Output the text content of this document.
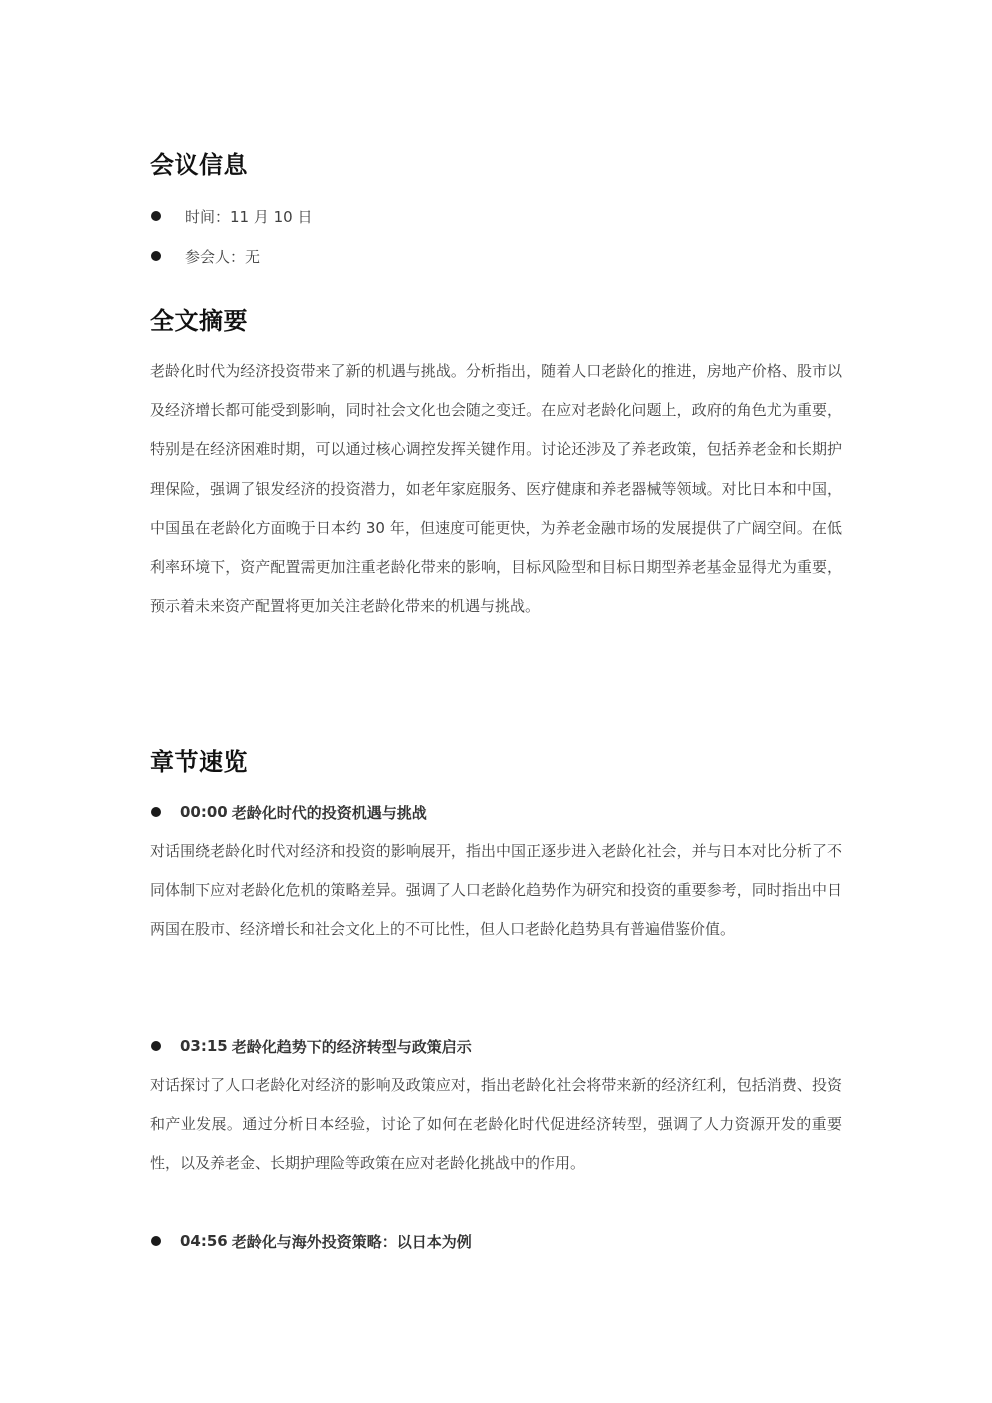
会议信息
时间：11 月 10 日
参会人：无
全文摘要

老龄化时代为经济投资带来了新的机遇与挑战。分析指出，随着人口老龄化的推进，房地产价格、股市以及经济增长都可能受到影响，同时社会文化也会随之变迁。在应对老龄化问题上，政府的角色尤为重要，特别是在经济困难时期，可以通过核心调控发挥关键作用。讨论还涉及了养老政策，包括养老金和长期护理保险，强调了银发经济的投资潜力，如老年家庭服务、医疗健康和养老器械等领域。对比日本和中国，中国虽在老龄化方面晚于日本约 30 年，但速度可能更快，为养老金融市场的发展提供了广阔空间。在低利率环境下，资产配置需更加注重老龄化带来的影响，目标风险型和目标日期型养老基金显得尤为重要，预示着未来资产配置将更加关注老龄化带来的机遇与挑战。

章节速览
00:00 老龄化时代的投资机遇与挑战

对话围绕老龄化时代对经济和投资的影响展开，指出中国正逐步进入老龄化社会，并与日本对比分析了不同体制下应对老龄化危机的策略差异。强调了人口老龄化趋势作为研究和投资的重要参考，同时指出中日两国在股市、经济增长和社会文化上的不可比性，但人口老龄化趋势具有普遍借鉴价值。

03:15 老龄化趋势下的经济转型与政策启示

对话探讨了人口老龄化对经济的影响及政策应对，指出老龄化社会将带来新的经济红利，包括消费、投资和产业发展。通过分析日本经验，讨论了如何在老龄化时代促进经济转型，强调了人力资源开发的重要性，以及养老金、长期护理险等政策在应对老龄化挑战中的作用。

04:56 老龄化与海外投资策略：以日本为例
